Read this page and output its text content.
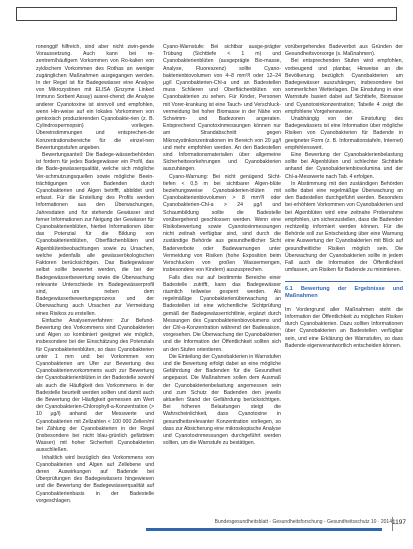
ronenggif hilfreich, sind aber nicht zwin-gende Voraussetzung. Auch kann bei re-zentrem/häufigem Vorkommen von Ro-kalien von zyklischem Vorkommen des Rothas an weniger zugänglichen Maßnahmen ausgegangen werden. In der Regel ist für Badegewässer eine Analyse von Mikrozystinen mit ELISA (Enzyme Linked Immuno Sorbent Assay) ausrei-chend; die Analyse anderer Cyanotoxine ist sinnvoll und empfohlen, wenn Hin-weise auf ein lokales Vorkommen von gentoxisch produzierenden Cyanobakte-rien (z. B. Cylindrospermopsin) vorliegen. Übereinstimmungen und entsprechen-de Konzentrationsbereiche für die einzel-nen Bewertungsstufen angeben.

Bewertungsanteil: Die Badege-wässerbehörden ist fordern für jedes Badegewässer ein Profil, das die Bade-gewässerqualität, welche sich mögliche Ver-schmutzungsquellen sowie mögliche Beein-trächtigungen von Badenden durch Cyanobakterien und Algen betrifft, abbildet und erfasst. Für die Erstellung des Profils werden Informationen aus den Überwachungen, Jahresdaten und für stehende Gewässer sind ferner Informationen zur Neigung der Gewässer für Cyanobakterienblüten, hierbei Informationen über das Potenzial für die Bildung von Cyanobakterienblüten, Oberflächenblüten und Algenblütenbeobachtungen sowie zu Ursachen, welche jedenfalls alle gewässerökologischen Faktoren berücksichtigen. Das Badegewässer selbst sollte bewertet werden, die bei der Badegewässerbewertung sowie die Überwachung relevante Unterschiede im Badegewässerprofil sind, um neben dem Badegewässerbewertungsprozess und der Überwachung auch Ursachen zur Vermeidung eines Risikos zu erstellen.

Einfache Analysenverfahren: Zur Befund-Bewertung des Vorkommens sind Cyanobakterien und Algen so kombiniert geeignet wie möglich, insbesondere bei der Einschätzung des Potenzials für Cyanobakterienblüten, so dass Cyanobakterien unter 1 mm und bei Vorkommen von Cyanobakterien am Ufer zur Bewertung des Cyanobakterienvorkommens auch zur Bewertung der Cyanobakterienblüten in der Badestelle sowohl als auch die Häufigkeit des Vorkommens in der Badestelle beurteilt werden sollten und damit auch die Bewertung der Häufigkeit gemessen am Wert der Cyanobakterien-Chlorophyll-a-Konzentration (> 10 µg/l) anhand der Messwerte und Cyanobakterien mit Zellzahlen < 100 000 Zellen/ml bei Zählung der Cyanobakterien in der Regel (insbesondere bei nicht blau-grünlich gefärbtem Wasser) mit hoher Sicherheit Cyanobakterien ausschließen.

Inhaltlich wird bezüglich des Vorkommens von Cyanobakterien und Algen auf Zellebene und deren Auswirkungen auf Badende bei Überprüfungen des Badegewässers hingewiesen und die Bewertung der Badegewässerqualität auf Cyanobakterienbasis in der Badestelle vorgeschlagen.

Cyano-Warnstufe: Bei sichtbar ausge-prägter Trübung (Sichttiefe < 1 m) und Cyanobakterienblüten (ausgeprägte Bio-masse, Analyse, Fluoreszenz) sollte Cyano-bakterienbiovolumen von 4–8 mm³/l oder 12–24 µg/l Cyanobakterien-Chl-a und an Badestellen muss Schlieren und Oberflächenblüten von Cyanobakterien zu sehen. Für Kinder, Personen mit Vorer-krankung ist eine Tauch- und Verschluck-vermeidung bei hoher Biomasse in der Nähe von Schwimm- und Badezonen angeraten. Entsprechend Cyanotoxinmessungen können nur am Strandabschnitt gegen Mikrozystinkonzentrationen im Bereich von 20 µg/l und mehr empfohlen werden. An den Badestellen sind Informationsmaterialien über allgemeine Sicherheitsvorkehrungen und Cyanobakterien auszuhängen.

Cyano-Warnung: Bei nicht genügend Sicht-tiefen < 0,5 m bei sichtbarer Algen-blüte beziehungsweise Cyanobakterien-blüten mit Cyanobakterienbiovolumen > 8 mm³/l oder Cyanobakterien-Chl-a > 24 µg/l und Schaumbildung sollte die Badestelle vorübergehend geschlossen werden. Wenn eine Risikobewertung sowie Cyanotoxinmessungen nicht zeitnah verfügbar sind, sind durch die zuständige Behörde aus gesundheitlicher Sicht Baderverbote oder Badewarnungen unter Vermeidung von Risiken (hohe Exposition beim Verschlucken von großen Wassermengen, insbesondere von Kindern) auszusprechen.

Falls dies nur auf bestimmte Bereiche einer Badestelle zutrifft, kann das Badegewässer räumlich teilweise gesperrt werden. Als regelmäßige Cyanobakterienüberwachung an Badestellen ist eine wöchentliche Sichtprüfung gemäß der Badegewässerrichtlinie, ergänzt durch Messungen des Cyanobakterienbiovolumens und der Chl-a-Konzentration während der Badesaison, vorgesehen. Die Überwachung der Cyanobakterien und die Information der Öffentlichkeit sollten sich an den Stufen orientieren.

Die Einteilung der Cyanobakterien in Warnstufen und die Bewertung erfolgt dabei an eine mögliche Gefährdung der Badenden für die Gesundheit angepasst. Die Maßnahmen sollen dem Ausmaß der Cyanobakterienbelastung angemessen sein und zum Schutz der Badenden den jeweils aktuellen Stand der Gefährdung berücksichtigen. Bei höheren Belastungen steigt die Wahrscheinlichkeit, dass Cyanotoxine in gesundheitsrelevanter Konzentration vorliegen, so dass zur Absicherung eine mikroskopische Analyse und Cyanotoxinmessungen durchgeführt werden sollten, um die Warnstufe zu bestätigen.

vorübergehendes Badeverbot aus Gründen der Gesundheitsvorsorge (s. Maßnahmen).

Bei entsprechenden Stufen wird empfohlen, vorbeugend und planbar, Hinweise an die Bevölkerung bezüglich Cyanobakterien am Badegewässer auszuhängen, insbesondere bei sommerlichen Wetterlagen. Die Einstufung in eine Warnstufe basiert dabei auf Sichttiefe, Biomasse und Cyanotoxinkonzentration; Tabelle 4 zeigt die empfohlene Vorgehensweise.

Unabhängig von der Einstufung des Badegewässers ist eine Information über mögliche Risiken von Cyanobakterien für Badende in geeigneter Form (z. B. Informationstafeln, Internet) empfehlenswert.

Eine Bewertung der Cyanobakterienbelastung sollte bei Algenblüten und schlechter Sichttiefe anhand der Cyanobakterienbiovolumina und der Chl-a-Messwerte nach Tab. 4 erfolgen.

In Abstimmung mit den zuständigen Behörden sollte dabei eine regelmäßige Überwachung an den Badestellen durchgeführt werden. Besonders bei erhöhtem Vorkommen von Cyanobakterien und bei Algenblüten wird eine zeitnahe Probenahme empfohlen, um sicherzustellen, dass die Badenden rechtzeitig informiert werden können. Für die Behörde soll zur Entscheidung über eine Warnung eine Auswertung der Cyanobakterien mit Blick auf gesundheitliche Risiken möglich sein. Die Überwachung der Cyanobakterien sollte in jedem Fall auch die Information der Öffentlichkeit umfassen, um Risiken für Badende zu minimieren.

6.1 Bewertung der Ergebnisse und Maßnahmen

Im Vordergrund aller Maßnahmen steht die Information der Öffentlichkeit zu möglichen Risiken durch Cyanobakterien. Dazu sollten Informationen über Cyanobakterien an Badestellen verfügbar sein, und eine Erklärung der Warnstufen, so dass Badende eigenverantwortlich entscheiden können.

Bundesgesundheitsblatt - Gesundheitsforschung - Gesundheitsschutz 10 · 2014 1197
